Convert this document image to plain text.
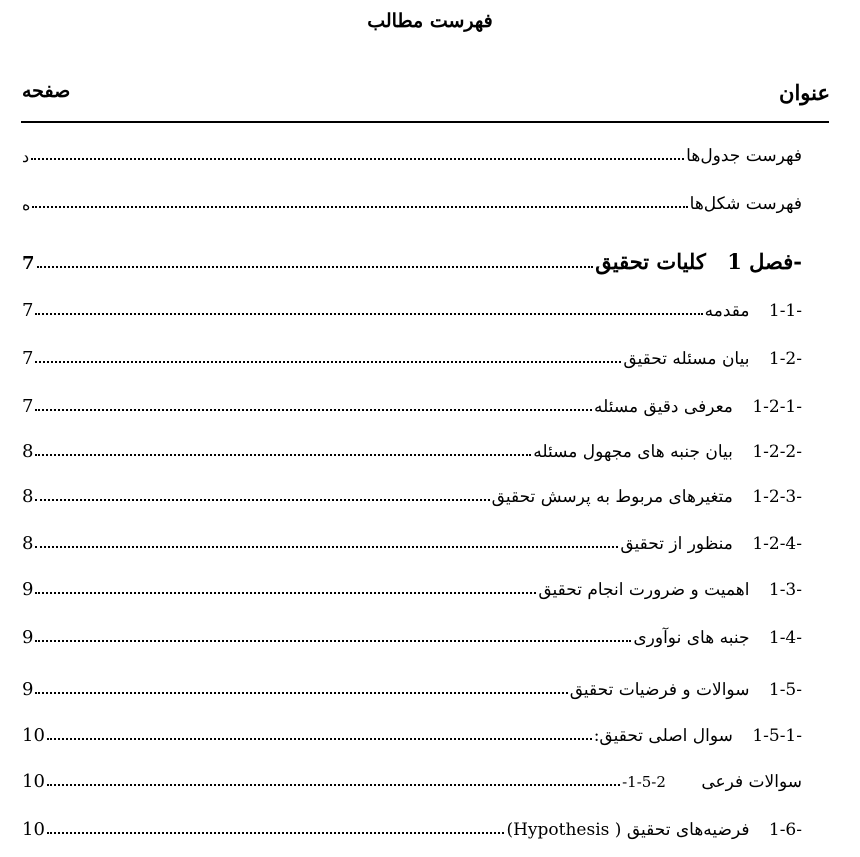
فهرست مطالب
صفحه	عنوان
د	فهرست جدول‌ها
ه	فهرست شکل‌ها
7	فصل 1- کلیات تحقیق
7	1-1- مقدمه
7	1-2- بیان مسئله تحقیق
7	1-2-1- معرفی دقیق مسئله
8	1-2-2- بیان جنبه های مجهول مسئله
8	1-2-3- متغیرهای مربوط به پرسش تحقیق
8	1-2-4- منظور از تحقیق
9	1-3- اهمیت و ضرورت انجام تحقیق
9	1-4- جنبه های نوآوری
9	1-5- سوالات و فرضیات تحقیق
10	1-5-1- سوال اصلی تحقیق:
10	سوالات فرعی -1-5-2
10	1-6- فرضیه‌های تحقیق ( Hypothesis)
